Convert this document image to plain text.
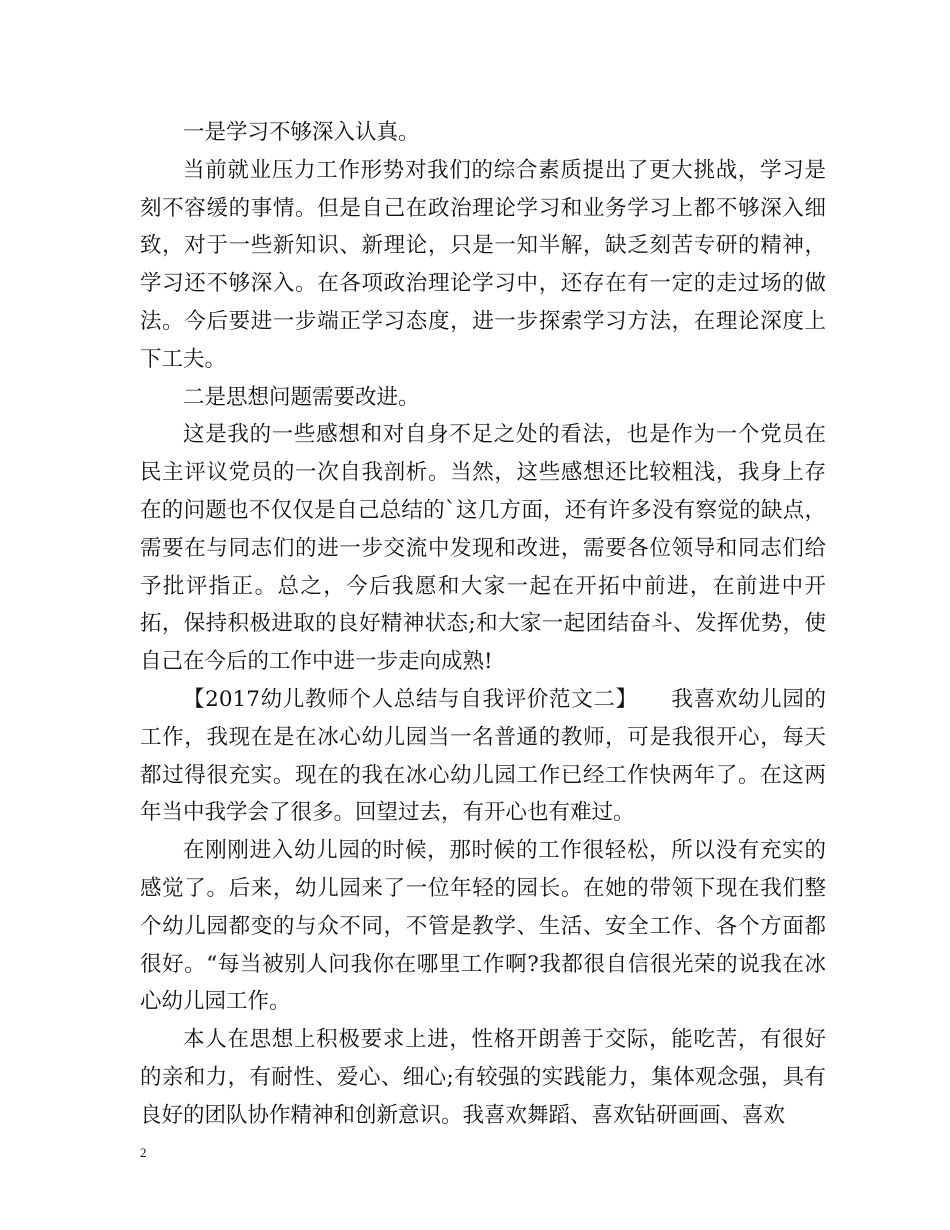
一是学习不够深入认真。

当前就业压力工作形势对我们的综合素质提出了更大挑战，学习是刻不容缓的事情。但是自己在政治理论学习和业务学习上都不够深入细致，对于一些新知识、新理论，只是一知半解，缺乏刻苦专研的精神，学习还不够深入。在各项政治理论学习中，还存在有一定的走过场的做法。今后要进一步端正学习态度，进一步探索学习方法，在理论深度上下工夫。

二是思想问题需要改进。

这是我的一些感想和对自身不足之处的看法，也是作为一个党员在民主评议党员的一次自我剖析。当然，这些感想还比较粗浅，我身上存在的问题也不仅仅是自己总结的`这几方面，还有许多没有察觉的缺点，需要在与同志们的进一步交流中发现和改进，需要各位领导和同志们给予批评指正。总之，今后我愿和大家一起在开拓中前进，在前进中开拓，保持积极进取的良好精神状态;和大家一起团结奋斗、发挥优势，使自己在今后的工作中进一步走向成熟!

【2017幼儿教师个人总结与自我评价范文二】　　我喜欢幼儿园的工作，我现在是在冰心幼儿园当一名普通的教师，可是我很开心，每天都过得很充实。现在的我在冰心幼儿园工作已经工作快两年了。在这两年当中我学会了很多。回望过去，有开心也有难过。

在刚刚进入幼儿园的时候，那时候的工作很轻松，所以没有充实的感觉了。后来，幼儿园来了一位年轻的园长。在她的带领下现在我们整个幼儿园都变的与众不同，不管是教学、生活、安全工作、各个方面都很好。“每当被别人问我你在哪里工作啊?我都很自信很光荣的说我在冰心幼儿园工作。

本人在思想上积极要求上进，性格开朗善于交际，能吃苦，有很好的亲和力，有耐性、爱心、细心;有较强的实践能力，集体观念强，具有良好的团队协作精神和创新意识。我喜欢舞蹈、喜欢钻研画画、喜欢

2
